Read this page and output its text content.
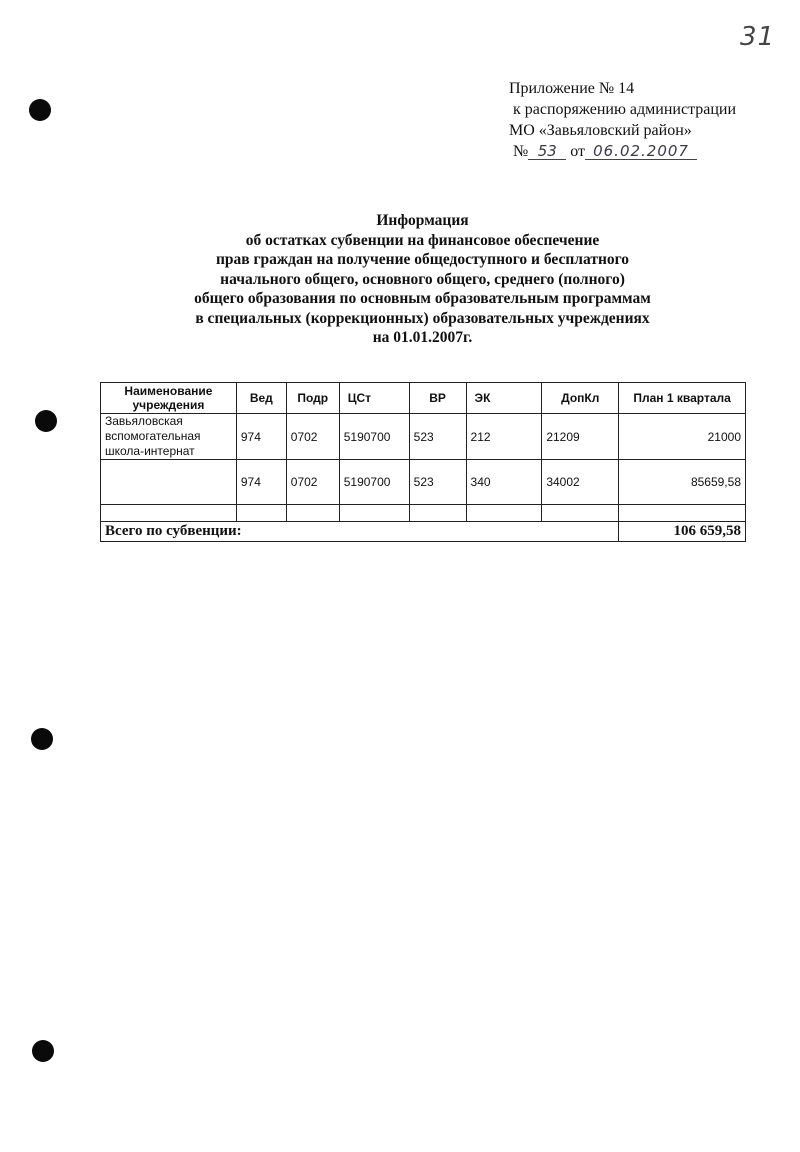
31
Приложение № 14
к распоряжению администрации
МО «Завьяловский район»
№ 53 от 06.02.2007
Информация
об остатках субвенции на финансовое обеспечение
прав граждан на получение общедоступного и бесплатного
начального общего, основного общего, среднего (полного)
общего образования по основным образовательным программам
в специальных (коррекционных) образовательных учреждениях
на 01.01.2007г.
Наименование учреждения	Вед	Подр	ЦСт	ВР	ЭК	ДопКл	План 1 квартала
Завьяловская вспомогательная школа-интернат	974	0702	5190700	523	212	21209	21000
	974	0702	5190700	523	340	34002	85659,58

Всего по субвенции:							106 659,58
